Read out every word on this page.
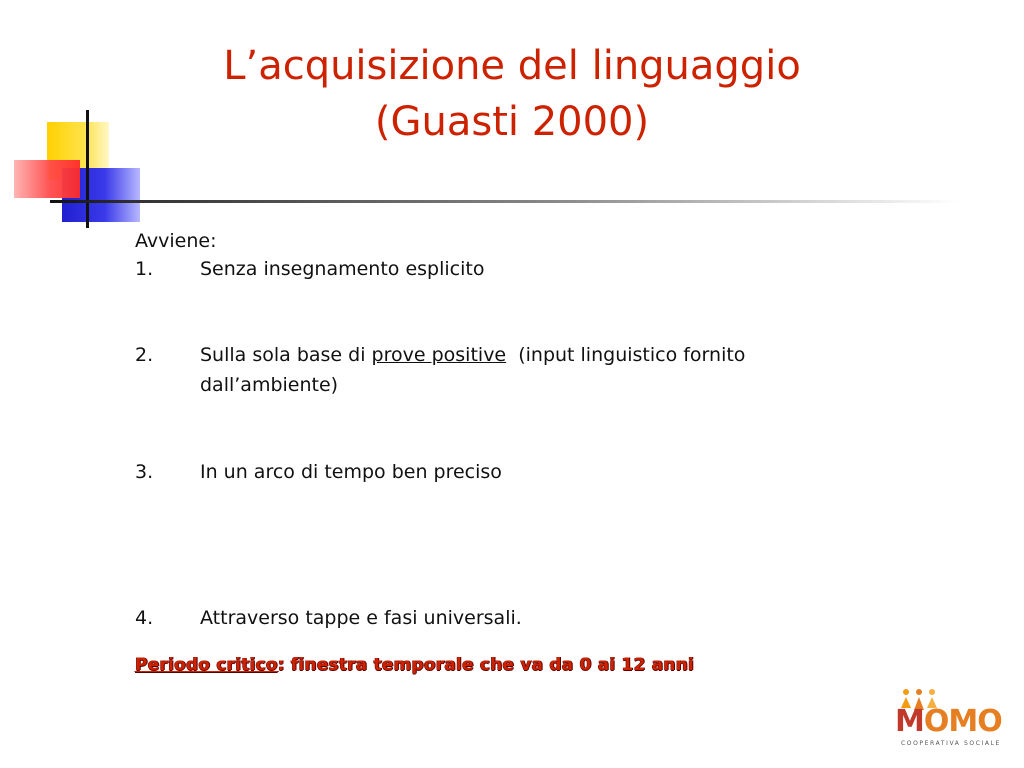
L’acquisizione del linguaggio
(Guasti 2000)
Avviene:
1.	Senza insegnamento esplicito
2.	Sulla sola base di prove positive  (input linguistico fornito dall’ambiente)
3.	In un arco di tempo ben preciso
4.	Attraverso tappe e fasi universali.
Periodo critico: finestra temporale che va da 0 ai 12 anni
MOMO
COOPERATIVA SOCIALE
